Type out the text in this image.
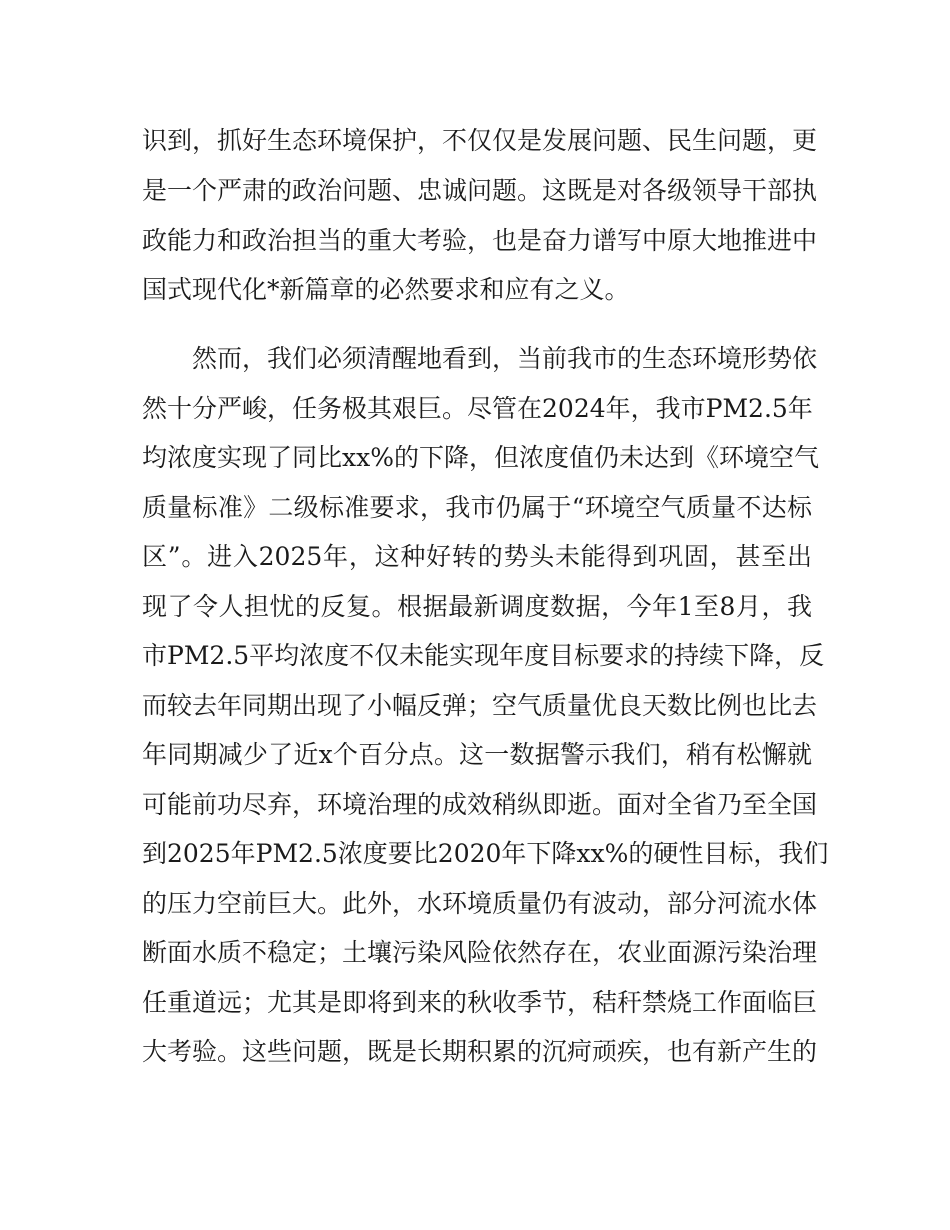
识到，抓好生态环境保护，不仅仅是发展问题、民生问题，更
是一个严肃的政治问题、忠诚问题。这既是对各级领导干部执
政能力和政治担当的重大考验，也是奋力谱写中原大地推进中
国式现代化*新篇章的必然要求和应有之义。
然而，我们必须清醒地看到，当前我市的生态环境形势依
然十分严峻，任务极其艰巨。尽管在2024年，我市PM2.5年
均浓度实现了同比xx%的下降，但浓度值仍未达到《环境空气
质量标准》二级标准要求，我市仍属于“环境空气质量不达标
区”。进入2025年，这种好转的势头未能得到巩固，甚至出
现了令人担忧的反复。根据最新调度数据，今年1至8月，我
市PM2.5平均浓度不仅未能实现年度目标要求的持续下降，反
而较去年同期出现了小幅反弹；空气质量优良天数比例也比去
年同期减少了近x个百分点。这一数据警示我们，稍有松懈就
可能前功尽弃，环境治理的成效稍纵即逝。面对全省乃至全国
到2025年PM2.5浓度要比2020年下降xx%的硬性目标，我们
的压力空前巨大。此外，水环境质量仍有波动，部分河流水体
断面水质不稳定；土壤污染风险依然存在，农业面源污染治理
任重道远；尤其是即将到来的秋收季节，秸秆禁烧工作面临巨
大考验。这些问题，既是长期积累的沉疴顽疾，也有新产生的
